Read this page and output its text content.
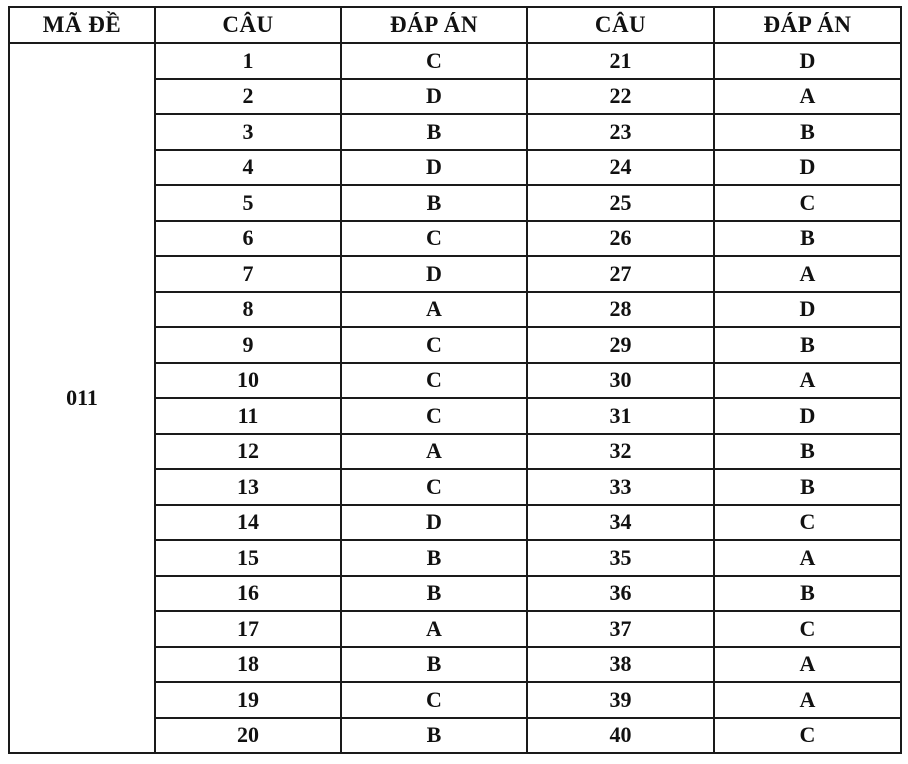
MÃ ĐỀ	CÂU	ĐÁP ÁN	CÂU	ĐÁP ÁN
011	1	C	21	D
	2	D	22	A
	3	B	23	B
	4	D	24	D
	5	B	25	C
	6	C	26	B
	7	D	27	A
	8	A	28	D
	9	C	29	B
	10	C	30	A
	11	C	31	D
	12	A	32	B
	13	C	33	B
	14	D	34	C
	15	B	35	A
	16	B	36	B
	17	A	37	C
	18	B	38	A
	19	C	39	A
	20	B	40	C
